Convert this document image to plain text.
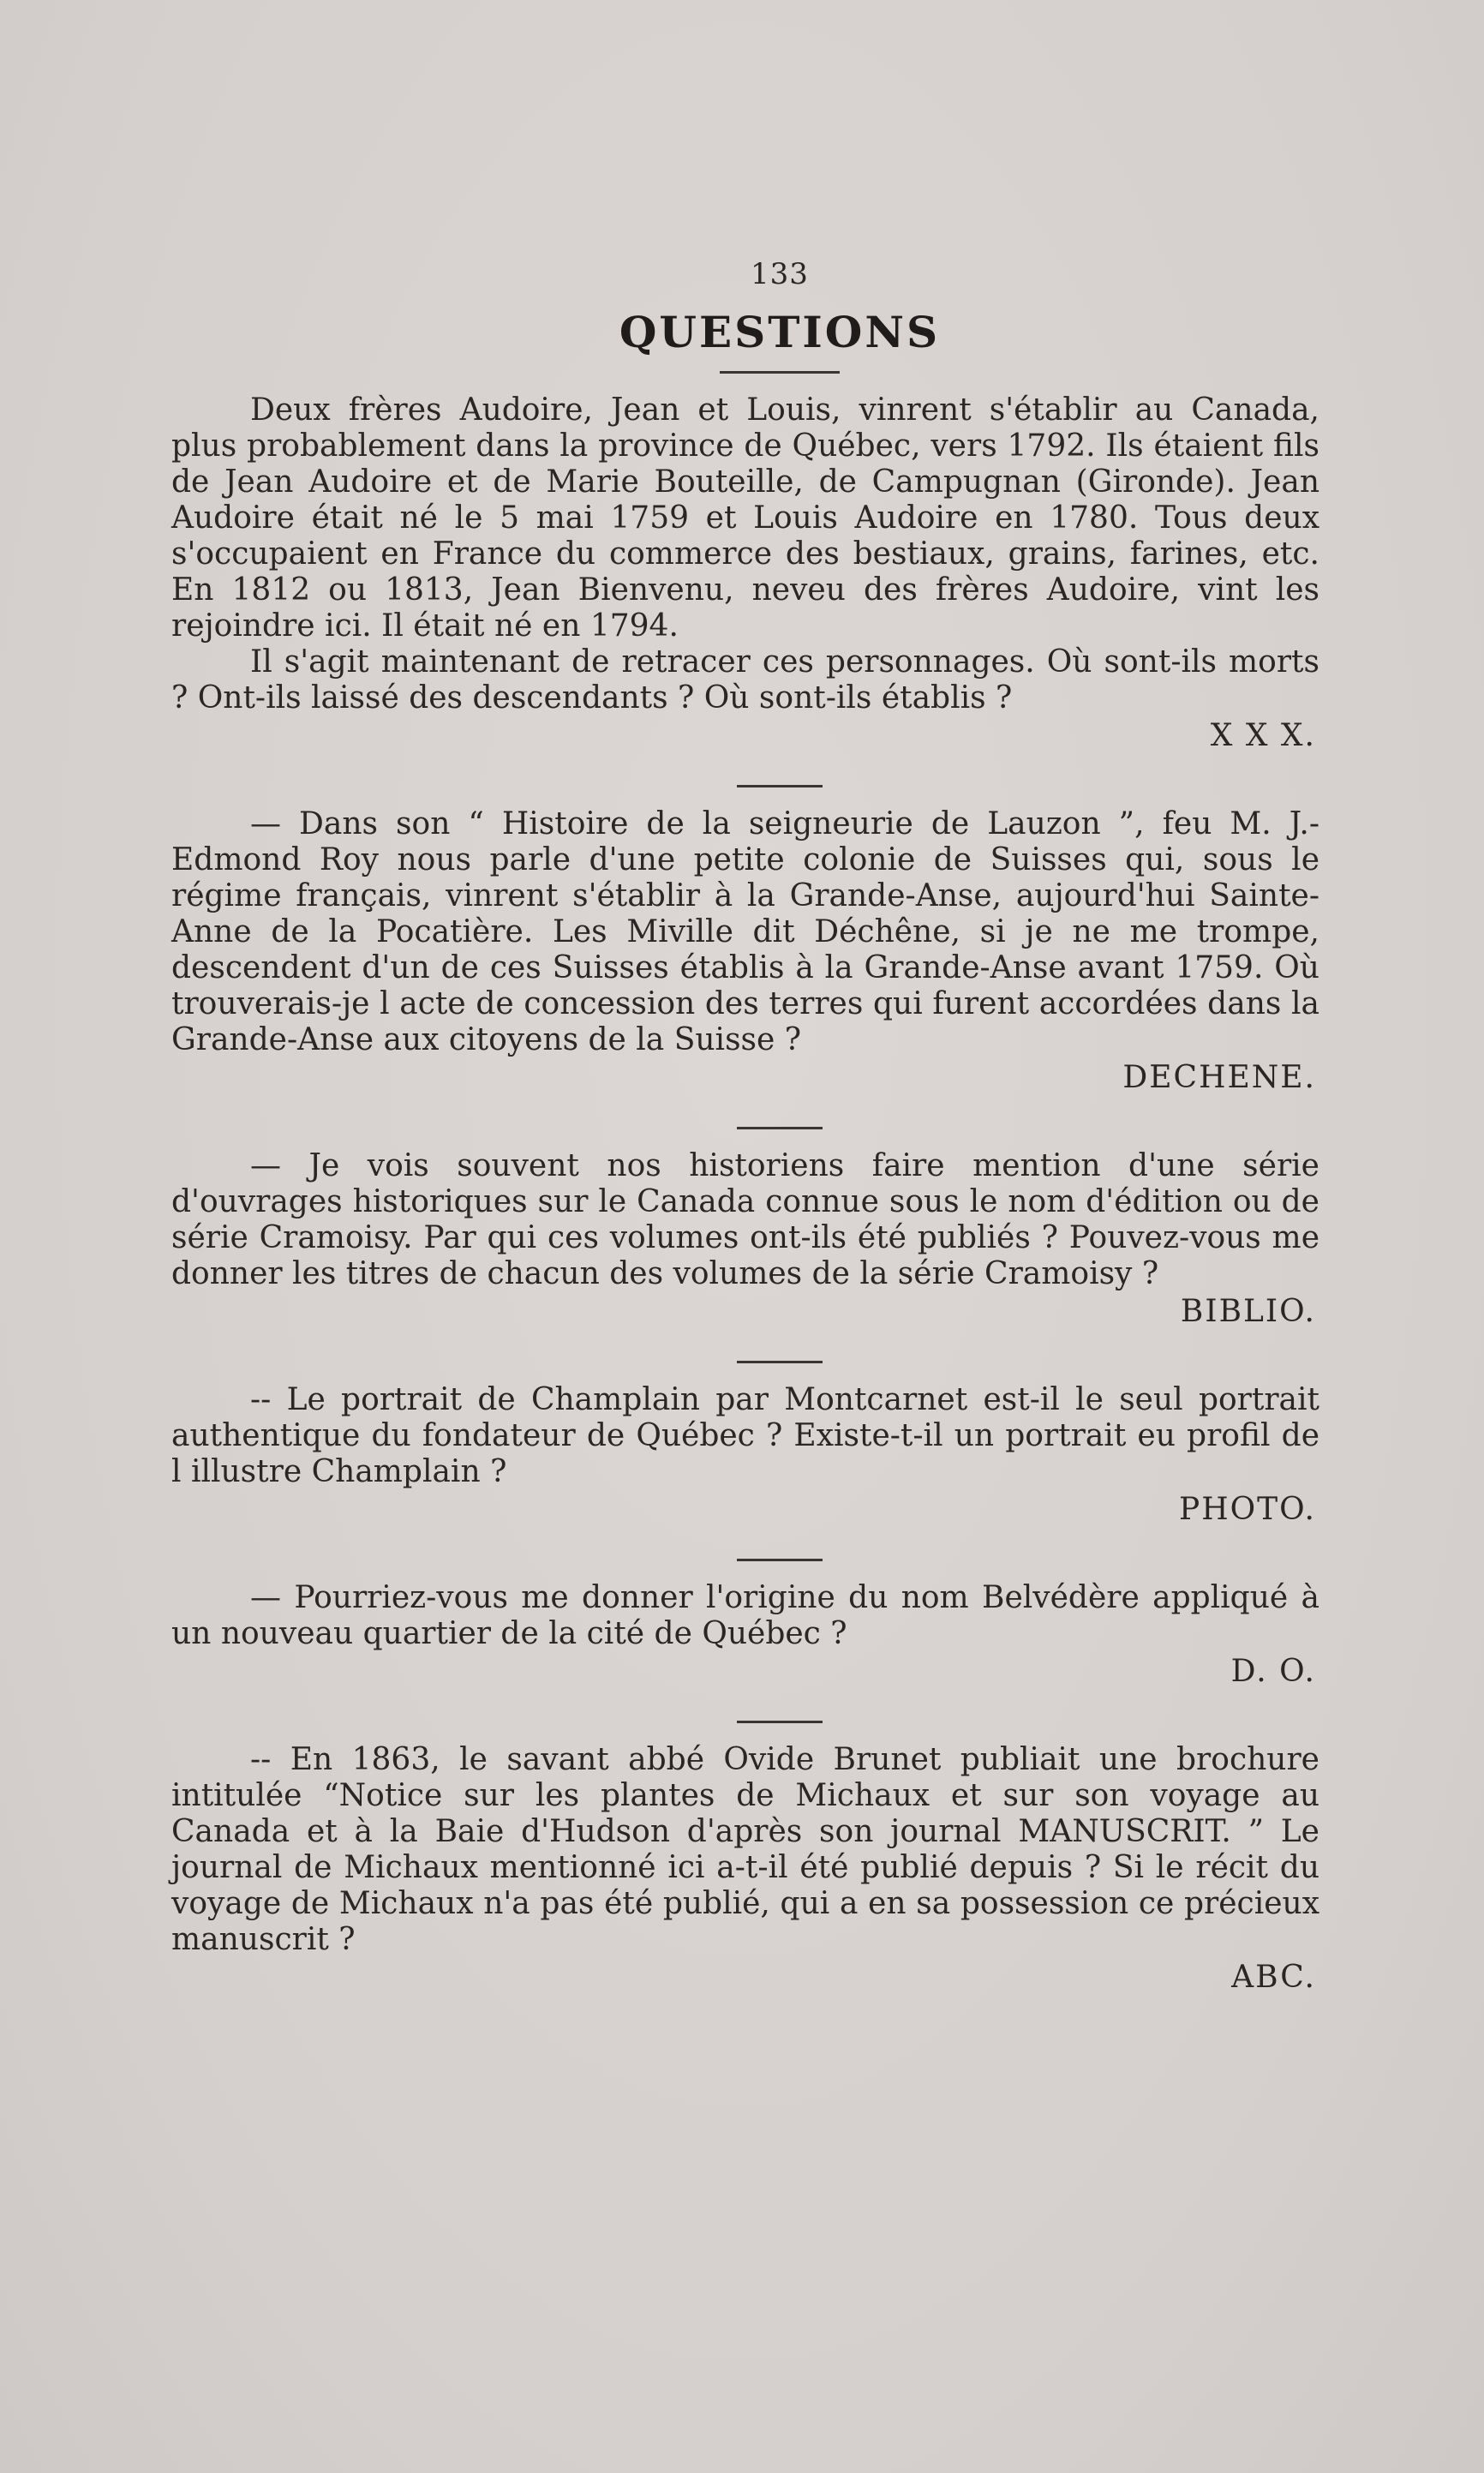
133
QUESTIONS

Deux frères Audoire, Jean et Louis, vinrent s'établir au Canada, plus probablement dans la province de Québec, vers 1792. Ils étaient fils de Jean Audoire et de Marie Bouteille, de Campugnan (Gironde). Jean Audoire était né le 5 mai 1759 et Louis Audoire en 1780. Tous deux s'occupaient en France du commerce des bestiaux, grains, farines, etc. En 1812 ou 1813, Jean Bienvenu, neveu des frères Audoire, vint les rejoindre ici. Il était né en 1794.

Il s'agit maintenant de retracer ces personnages. Où sont-ils morts ? Ont-ils laissé des descendants ? Où sont-ils établis ?

X X X.

— Dans son “ Histoire de la seigneurie de Lauzon ”, feu M. J.-Edmond Roy nous parle d'une petite colonie de Suisses qui, sous le régime français, vinrent s'établir à la Grande-Anse, aujourd'hui Sainte-Anne de la Pocatière. Les Miville dit Déchêne, si je ne me trompe, descendent d'un de ces Suisses établis à la Grande-Anse avant 1759. Où trouverais-je l acte de concession des terres qui furent accordées dans la Grande-Anse aux citoyens de la Suisse ?

DECHENE.

— Je vois souvent nos historiens faire mention d'une série d'ouvrages historiques sur le Canada connue sous le nom d'édition ou de série Cramoisy. Par qui ces volumes ont-ils été publiés ? Pouvez-vous me donner les titres de chacun des volumes de la série Cramoisy ?

BIBLIO.

-- Le portrait de Champlain par Montcarnet est-il le seul portrait authentique du fondateur de Québec ? Existe-t-il un portrait eu profil de l illustre Champlain ?

PHOTO.

— Pourriez-vous me donner l'origine du nom Belvédère appliqué à un nouveau quartier de la cité de Québec ?

D. O.

-- En 1863, le savant abbé Ovide Brunet publiait une brochure intitulée “Notice sur les plantes de Michaux et sur son voyage au Canada et à la Baie d'Hudson d'après son journal MANUSCRIT. ” Le journal de Michaux mentionné ici a-t-il été publié depuis ? Si le récit du voyage de Michaux n'a pas été publié, qui a en sa possession ce précieux manuscrit ?

ABC.
